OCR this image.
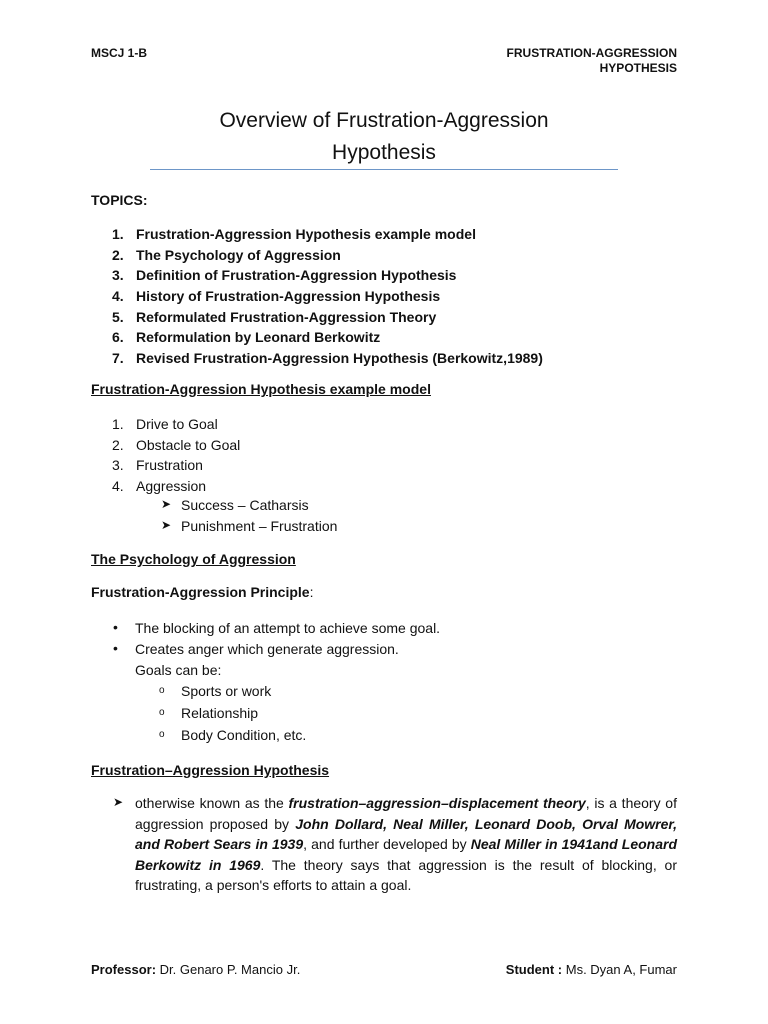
MSCJ 1-B	FRUSTRATION-AGGRESSION
HYPOTHESIS
Overview of Frustration-Aggression
Hypothesis
TOPICS:
1. Frustration-Aggression Hypothesis example model
2. The Psychology of Aggression
3. Definition of Frustration-Aggression Hypothesis
4. History of Frustration-Aggression Hypothesis
5. Reformulated Frustration-Aggression Theory
6. Reformulation by Leonard Berkowitz
7. Revised Frustration-Aggression Hypothesis (Berkowitz,1989)
Frustration-Aggression Hypothesis example model
1. Drive to Goal
2. Obstacle to Goal
3. Frustration
4. Aggression
➤ Success – Catharsis
➤ Punishment – Frustration
The Psychology of Aggression
Frustration-Aggression Principle:
• The blocking of an attempt to achieve some goal.
• Creates anger which generate aggression.
Goals can be:
o Sports or work
o Relationship
o Body Condition, etc.
Frustration–Aggression Hypothesis
➤ otherwise known as the frustration–aggression–displacement theory, is a theory of aggression proposed by John Dollard, Neal Miller, Leonard Doob, Orval Mowrer, and Robert Sears in 1939, and further developed by Neal Miller in 1941and Leonard Berkowitz in 1969. The theory says that aggression is the result of blocking, or frustrating, a person's efforts to attain a goal.

Professor: Dr. Genaro P. Mancio Jr.	Student : Ms. Dyan A, Fumar
